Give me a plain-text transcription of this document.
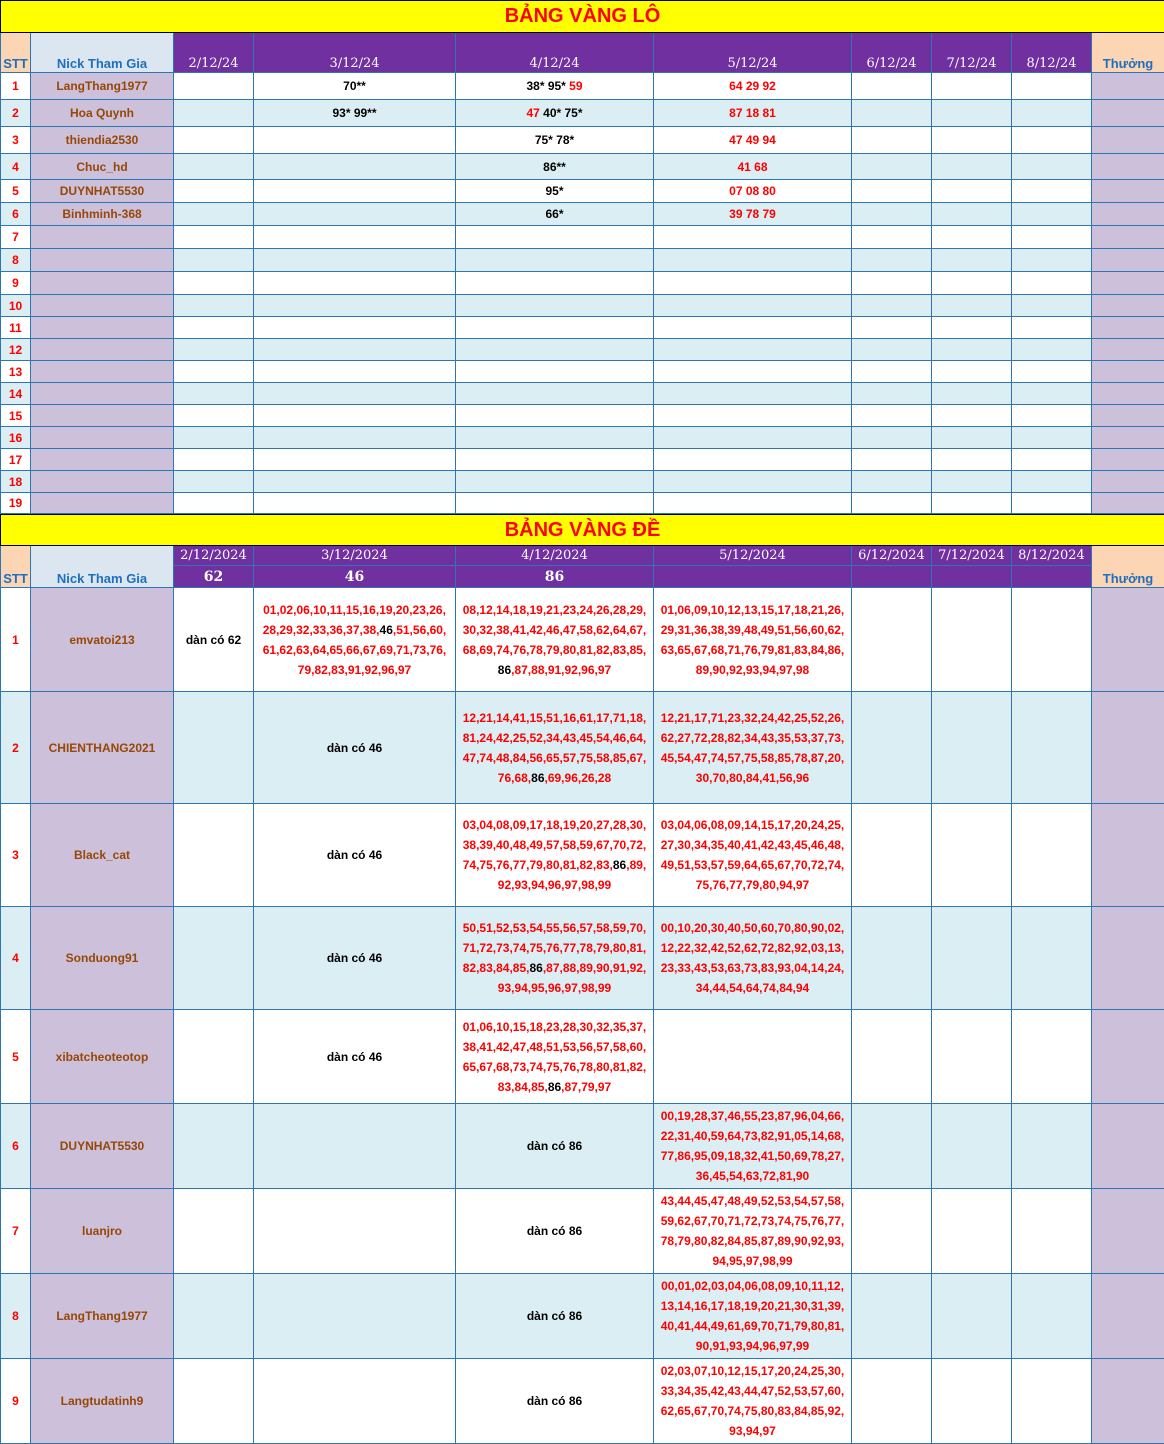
BẢNG VÀNG LÔ									
STT	Nick Tham Gia	2/12/24	3/12/24	4/12/24	5/12/24	6/12/24	7/12/24	8/12/24	Thưởng
1	LangThang1977		70**	38* 95* 59	64 29 92				
2	Hoa Quynh		93* 99**	47 40* 75*	87 18 81				
3	thiendia2530			75* 78*	47 49 94				
4	Chuc_hd			86**	41 68				
5	DUYNHAT5530			95*	07 08 80				
6	Binhminh-368			66*	39 78 79				
7									
8									
9									
10									
11									
12									
13									
14									
15									
16									
17									
18									
19									
BẢNG VÀNG ĐỀ									
STT	Nick Tham Gia	2/12/2024	3/12/2024	4/12/2024	5/12/2024	6/12/2024	7/12/2024	8/12/2024	Thưởng
		62	46	86					
1	emvatoi213	dàn có 62	01,02,06,10,11,15,16,19,20,23,26,28,29,32,33,36,37,38,46,51,56,60,61,62,63,64,65,66,67,69,71,73,76,79,82,83,91,92,96,97	08,12,14,18,19,21,23,24,26,28,29,30,32,38,41,42,46,47,58,62,64,67,68,69,74,76,78,79,80,81,82,83,85,86,87,88,91,92,96,97	01,06,09,10,12,13,15,17,18,21,26,29,31,36,38,39,48,49,51,56,60,62,63,65,67,68,71,76,79,81,83,84,86,89,90,92,93,94,97,98				
2	CHIENTHANG2021		dàn có 46	12,21,14,41,15,51,16,61,17,71,18,81,24,42,25,52,34,43,45,54,46,64,47,74,48,84,56,65,57,75,58,85,67,76,68,86,69,96,26,28	12,21,17,71,23,32,24,42,25,52,26,62,27,72,28,82,34,43,35,53,37,73,45,54,47,74,57,75,58,85,78,87,20,30,70,80,84,41,56,96				
3	Black_cat		dàn có 46	03,04,08,09,17,18,19,20,27,28,30,38,39,40,48,49,57,58,59,67,70,72,74,75,76,77,79,80,81,82,83,86,89,92,93,94,96,97,98,99	03,04,06,08,09,14,15,17,20,24,25,27,30,34,35,40,41,42,43,45,46,48,49,51,53,57,59,64,65,67,70,72,74,75,76,77,79,80,94,97				
4	Sonduong91		dàn có 46	50,51,52,53,54,55,56,57,58,59,70,71,72,73,74,75,76,77,78,79,80,81,82,83,84,85,86,87,88,89,90,91,92,93,94,95,96,97,98,99	00,10,20,30,40,50,60,70,80,90,02,12,22,32,42,52,62,72,82,92,03,13,23,33,43,53,63,73,83,93,04,14,24,34,44,54,64,74,84,94				
5	xibatcheoteotop		dàn có 46	01,06,10,15,18,23,28,30,32,35,37,38,41,42,47,48,51,53,56,57,58,60,65,67,68,73,74,75,76,78,80,81,82,83,84,85,86,87,79,97					
6	DUYNHAT5530			dàn có 86	00,19,28,37,46,55,23,87,96,04,66,22,31,40,59,64,73,82,91,05,14,68,77,86,95,09,18,32,41,50,69,78,27,36,45,54,63,72,81,90				
7	luanjro			dàn có 86	43,44,45,47,48,49,52,53,54,57,58,59,62,67,70,71,72,73,74,75,76,77,78,79,80,82,84,85,87,89,90,92,93,94,95,97,98,99				
8	LangThang1977			dàn có 86	00,01,02,03,04,06,08,09,10,11,12,13,14,16,17,18,19,20,21,30,31,39,40,41,44,49,61,69,70,71,79,80,81,90,91,93,94,96,97,99				
9	Langtudatinh9			dàn có 86	02,03,07,10,12,15,17,20,24,25,30,33,34,35,42,43,44,47,52,53,57,60,62,65,67,70,74,75,80,83,84,85,92,93,94,97				
